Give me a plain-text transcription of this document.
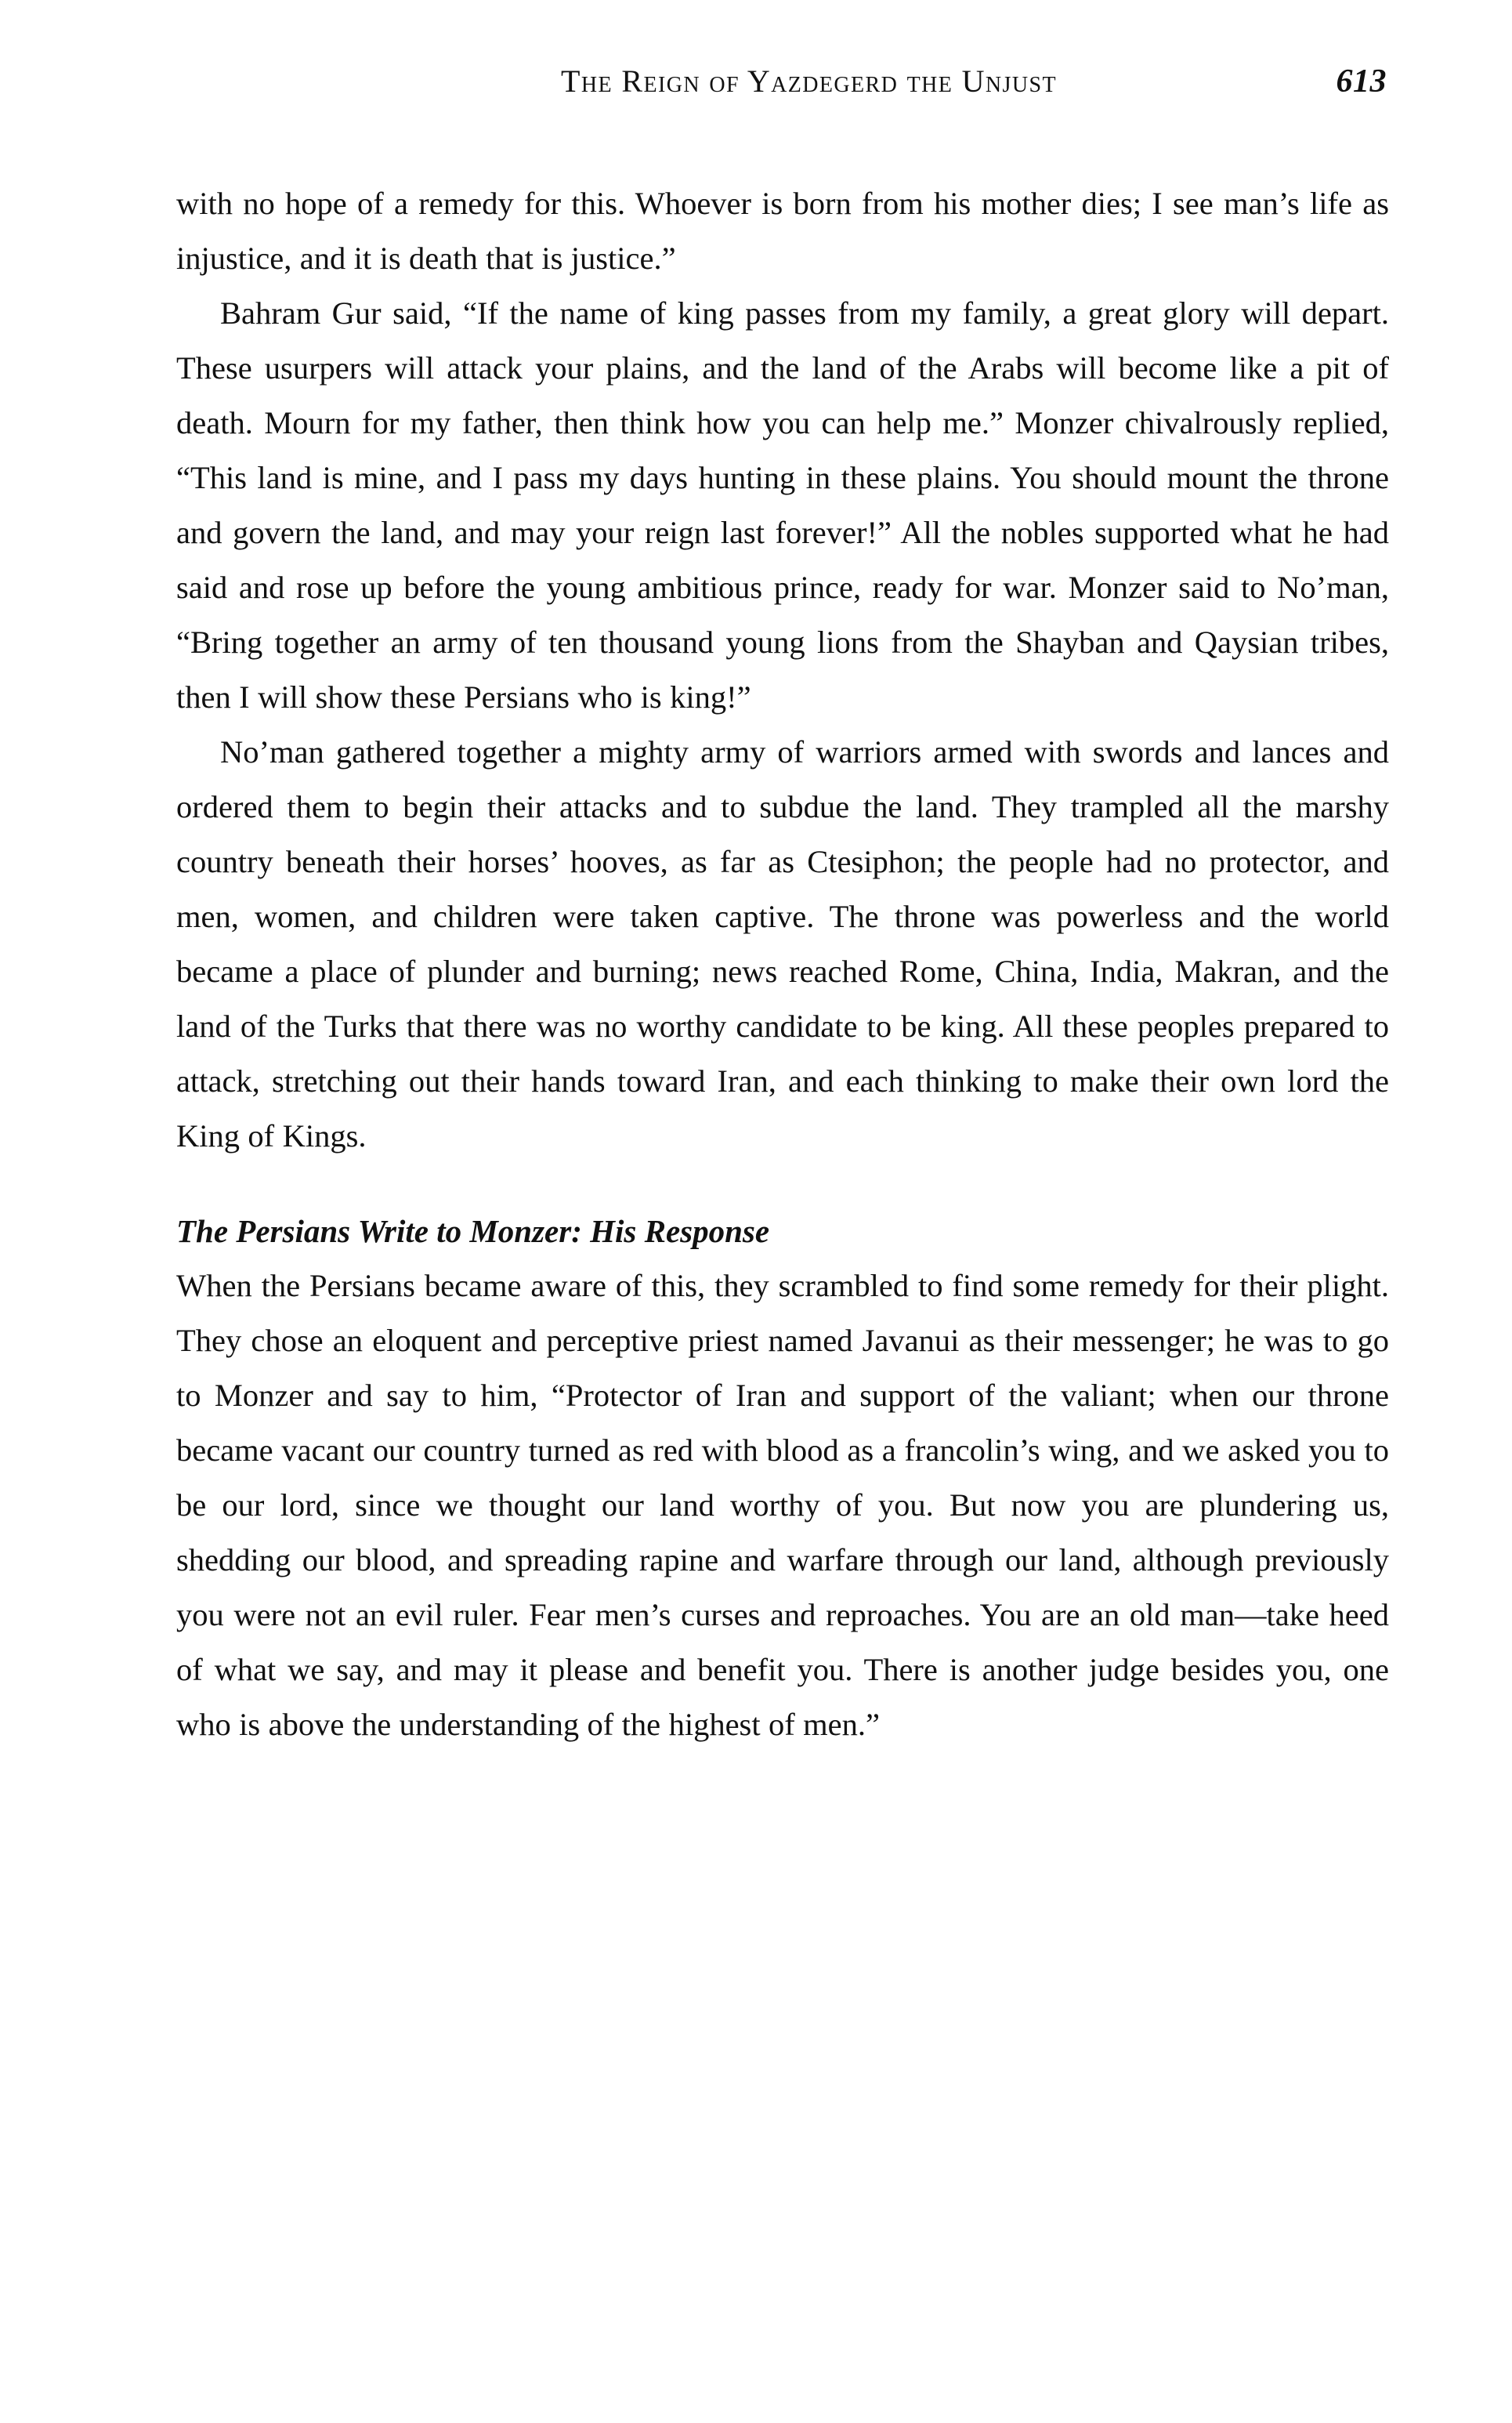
The Reign of Yazdegerd the Unjust	613

with no hope of a remedy for this. Whoever is born from his mother dies; I see man’s life as injustice, and it is death that is justice.”

Bahram Gur said, “If the name of king passes from my family, a great glory will depart. These usurpers will attack your plains, and the land of the Arabs will become like a pit of death. Mourn for my father, then think how you can help me.” Monzer chivalrously replied, “This land is mine, and I pass my days hunting in these plains. You should mount the throne and govern the land, and may your reign last forever!” All the nobles supported what he had said and rose up before the young ambitious prince, ready for war. Monzer said to No’man, “Bring together an army of ten thousand young lions from the Shayban and Qaysian tribes, then I will show these Persians who is king!”

No’man gathered together a mighty army of warriors armed with swords and lances and ordered them to begin their attacks and to subdue the land. They trampled all the marshy country beneath their horses’ hooves, as far as Ctesiphon; the people had no protector, and men, women, and children were taken captive. The throne was powerless and the world became a place of plunder and burning; news reached Rome, China, India, Makran, and the land of the Turks that there was no worthy candidate to be king. All these peoples prepared to attack, stretching out their hands toward Iran, and each thinking to make their own lord the King of Kings.

The Persians Write to Monzer: His Response

When the Persians became aware of this, they scrambled to find some remedy for their plight. They chose an eloquent and perceptive priest named Javanui as their messenger; he was to go to Monzer and say to him, “Protector of Iran and support of the valiant; when our throne became vacant our country turned as red with blood as a francolin’s wing, and we asked you to be our lord, since we thought our land worthy of you. But now you are plundering us, shedding our blood, and spreading rapine and warfare through our land, although previously you were not an evil ruler. Fear men’s curses and reproaches. You are an old man—take heed of what we say, and may it please and benefit you. There is another judge besides you, one who is above the understanding of the highest of men.”
